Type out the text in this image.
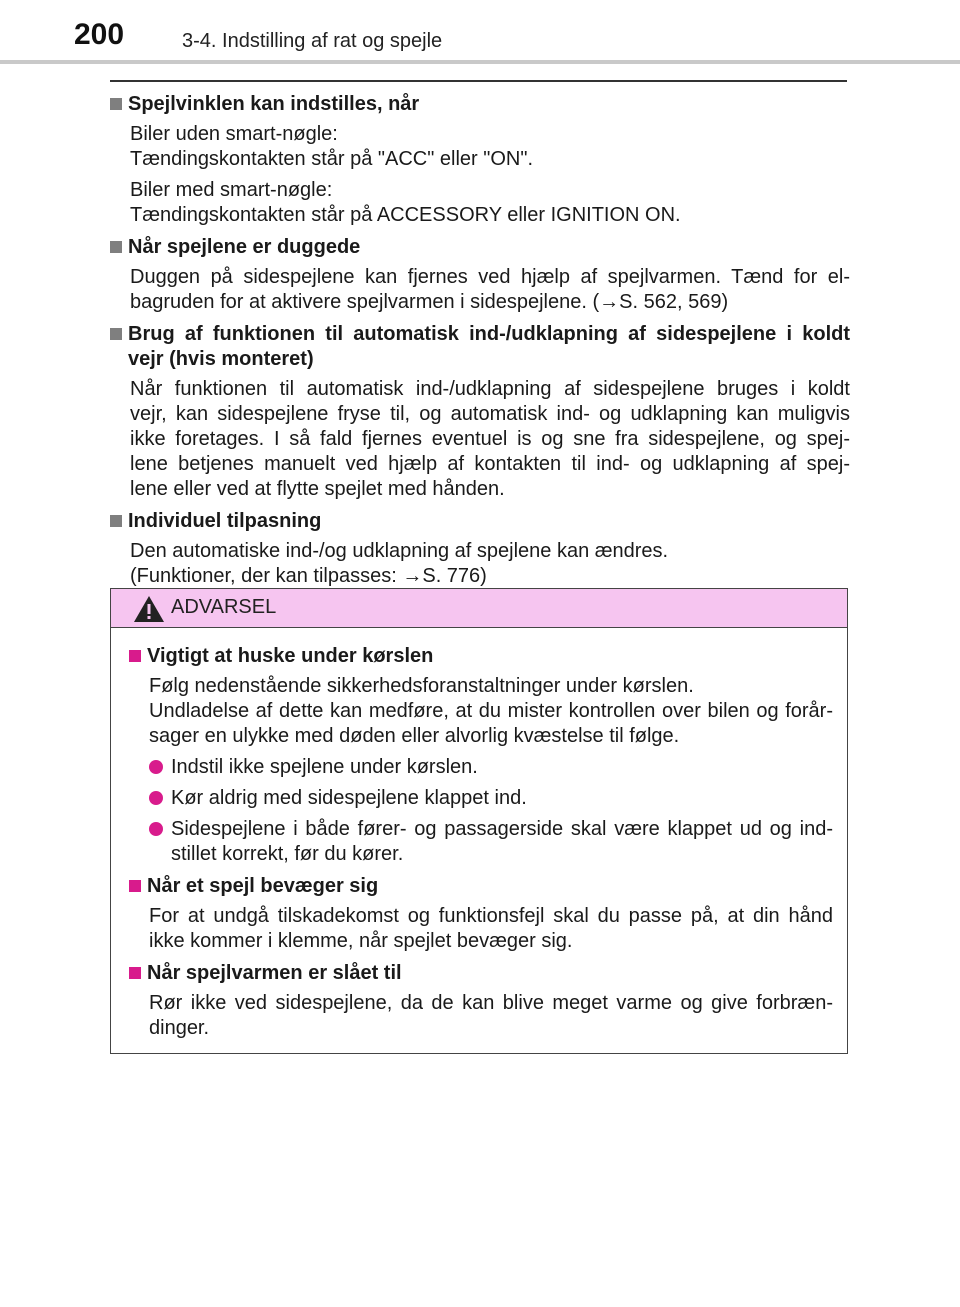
200	3-4. Indstilling af rat og spejle
Spejlvinklen kan indstilles, når

Biler uden smart-nøgle:
Tændingskontakten står på "ACC" eller "ON".

Biler med smart-nøgle:
Tændingskontakten står på ACCESSORY eller IGNITION ON.

Når spejlene er duggede

Duggen på sidespejlene kan fjernes ved hjælp af spejlvarmen. Tænd for el-
bagruden for at aktivere spejlvarmen i sidespejlene. (→S. 562, 569)

Brug af funktionen til automatisk ind-/udklapning af sidespejlene i koldt
vejr (hvis monteret)

Når funktionen til automatisk ind-/udklapning af sidespejlene bruges i koldt
vejr, kan sidespejlene fryse til, og automatisk ind- og udklapning kan muligvis
ikke foretages. I så fald fjernes eventuel is og sne fra sidespejlene, og spej-
lene betjenes manuelt ved hjælp af kontakten til ind- og udklapning af spej-
lene eller ved at flytte spejlet med hånden.

Individuel tilpasning

Den automatiske ind-/og udklapning af spejlene kan ændres.
(Funktioner, der kan tilpasses: →S. 776)

ADVARSEL
Vigtigt at huske under kørslen
Følg nedenstående sikkerhedsforanstaltninger under kørslen.
Undladelse af dette kan medføre, at du mister kontrollen over bilen og forår-
sager en ulykke med døden eller alvorlig kvæstelse til følge.
Indstil ikke spejlene under kørslen.
Kør aldrig med sidespejlene klappet ind.
Sidespejlene i både fører- og passagerside skal være klappet ud og ind-
stillet korrekt, før du kører.
Når et spejl bevæger sig
For at undgå tilskadekomst og funktionsfejl skal du passe på, at din hånd
ikke kommer i klemme, når spejlet bevæger sig.
Når spejlvarmen er slået til
Rør ikke ved sidespejlene, da de kan blive meget varme og give forbræn-
dinger.
